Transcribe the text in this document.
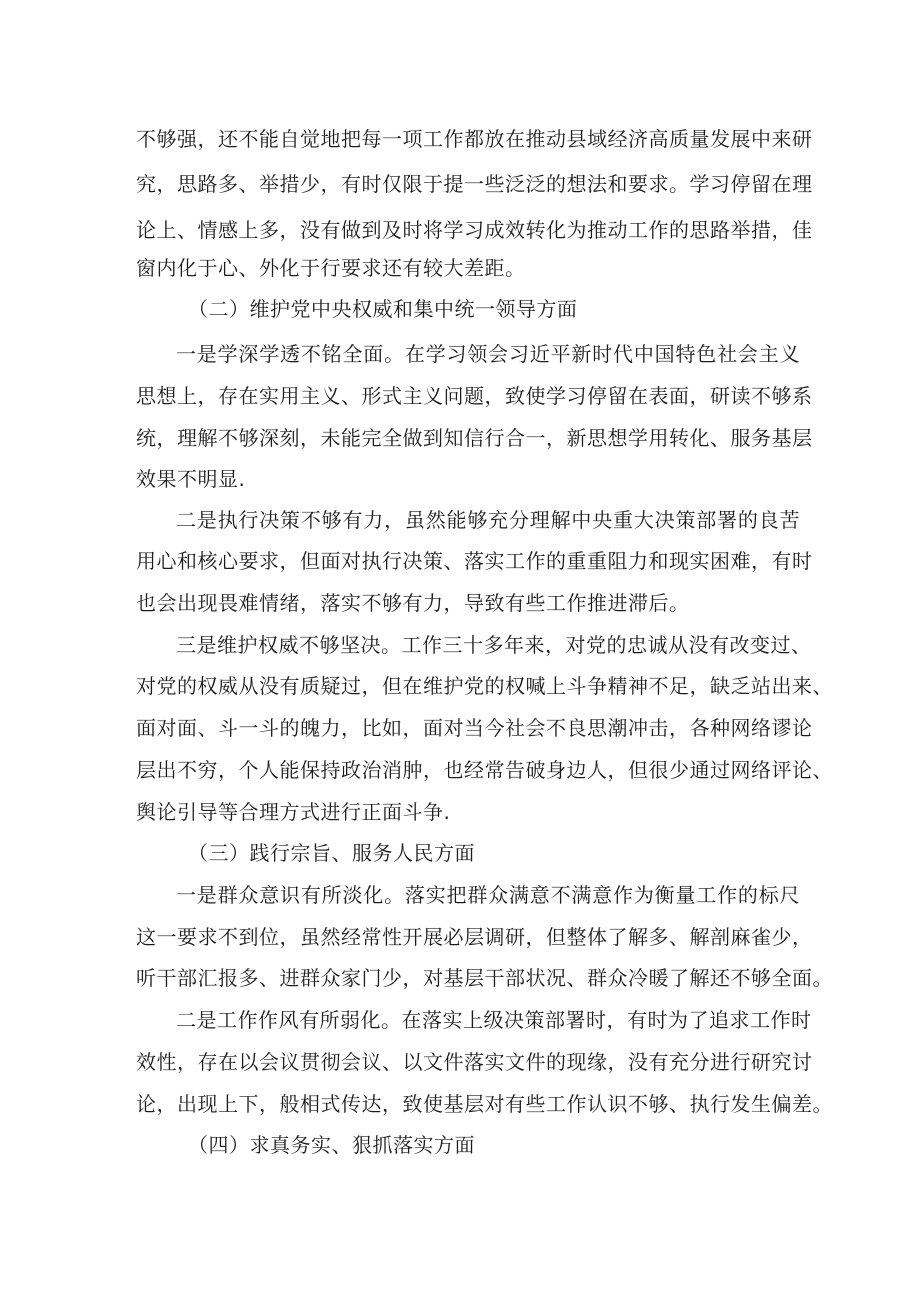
不够强，还不能自觉地把每一项工作都放在推动县域经济高质量发展中来研
究，思路多、举措少，有时仅限于提一些泛泛的想法和要求。学习停留在理
论上、情感上多，没有做到及时将学习成效转化为推动工作的思路举措，佳
窗内化于心、外化于行要求还有较大差距。
（二）维护党中央权威和集中统一领导方面
一是学深学透不铭全面。在学习领会习近平新时代中国特色社会主义
思想上，存在实用主义、形式主义问题，致使学习停留在表面，研读不够系
统，理解不够深刻，未能完全做到知信行合一，新思想学用转化、服务基层
效果不明显.
二是执行决策不够有力，虽然能够充分理解中央重大决策部署的良苦
用心和核心要求，但面对执行决策、落实工作的重重阻力和现实困难，有时
也会出现畏难情绪，落实不够有力，导致有些工作推进滞后。
三是维护权威不够坚决。工作三十多年来，对党的忠诚从没有改变过、
对党的权威从没有质疑过，但在维护党的权喊上斗争精神不足，缺乏站出来、
面对面、斗一斗的魄力，比如，面对当今社会不良思潮冲击，各种网络谬论
层出不穷，个人能保持政治消肿，也经常告破身边人，但很少通过网络评论、
舆论引导等合理方式进行正面斗争.
（三）践行宗旨、服务人民方面
一是群众意识有所淡化。落实把群众满意不满意作为衡量工作的标尺
这一要求不到位，虽然经常性开展必层调研，但整体了解多、解剖麻雀少，
听干部汇报多、进群众家门少，对基层干部状况、群众冷暖了解还不够全面。
二是工作作风有所弱化。在落实上级决策部署时，有时为了追求工作时
效性，存在以会议贯彻会议、以文件落实文件的现缘，没有充分进行研究讨
论，出现上下，般相式传达，致使基层对有些工作认识不够、执行发生偏差。
（四）求真务实、狠抓落实方面
